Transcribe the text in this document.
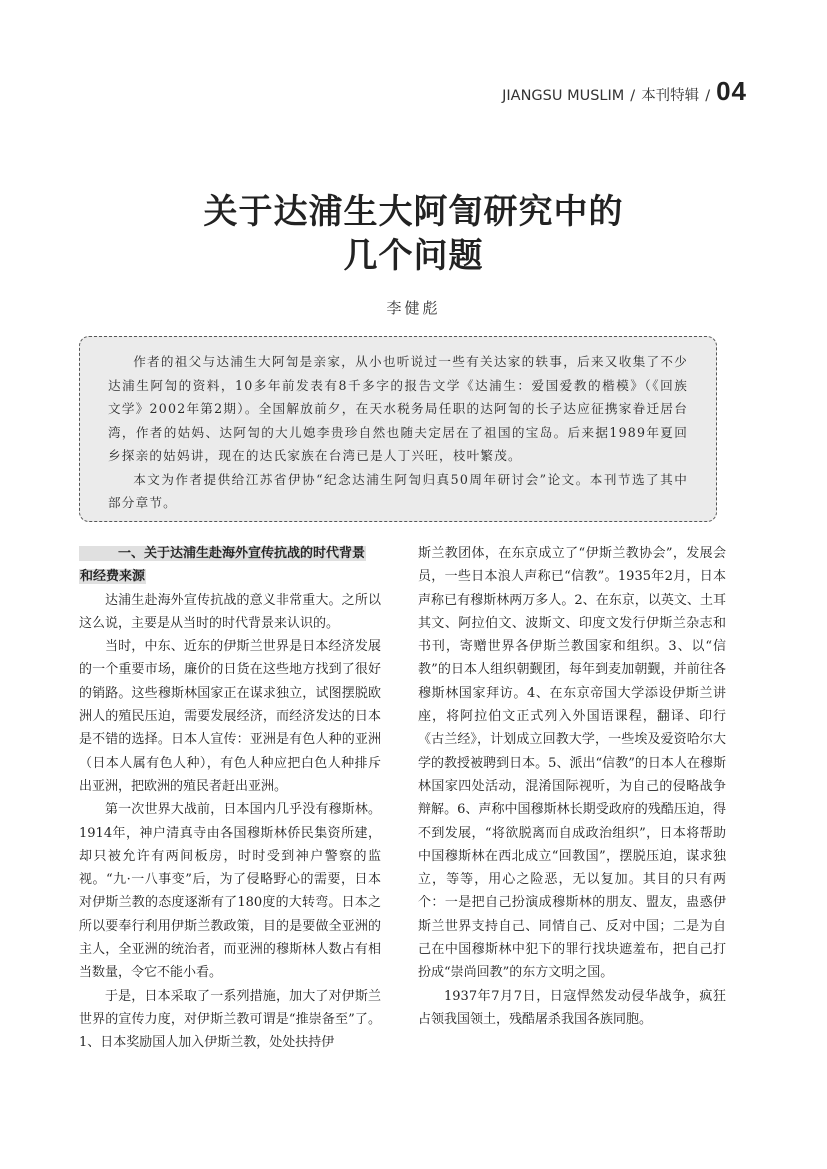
JIANGSU MUSLIM / 本刊特辑 / 04
关于达浦生大阿訇研究中的
几个问题
李健彪

作者的祖父与达浦生大阿訇是亲家，从小也听说过一些有关达家的轶事，后来又收集了不少达浦生阿訇的资料，10多年前发表有8千多字的报告文学《达浦生：爱国爱教的楷模》（《回族文学》2002年第2期）。全国解放前夕，在天水税务局任职的达阿訇的长子达应征携家眷迁居台湾，作者的姑妈、达阿訇的大儿媳李贵珍自然也随夫定居在了祖国的宝岛。后来据1989年夏回乡探亲的姑妈讲，现在的达氏家族在台湾已是人丁兴旺，枝叶繁茂。

本文为作者提供给江苏省伊协“纪念达浦生阿訇归真50周年研讨会”论文。本刊节选了其中部分章节。

一、关于达浦生赴海外宣传抗战的时代背景
和经费来源

达浦生赴海外宣传抗战的意义非常重大。之所以这么说，主要是从当时的时代背景来认识的。

当时，中东、近东的伊斯兰世界是日本经济发展的一个重要市场，廉价的日货在这些地方找到了很好的销路。这些穆斯林国家正在谋求独立，试图摆脱欧洲人的殖民压迫，需要发展经济，而经济发达的日本是不错的选择。日本人宣传：亚洲是有色人种的亚洲（日本人属有色人种），有色人种应把白色人种排斥出亚洲，把欧洲的殖民者赶出亚洲。

第一次世界大战前，日本国内几乎没有穆斯林。1914年，神户清真寺由各国穆斯林侨民集资所建，却只被允许有两间板房，时时受到神户警察的监视。“九·一八事变”后，为了侵略野心的需要，日本对伊斯兰教的态度逐渐有了180度的大转弯。日本之所以要奉行利用伊斯兰教政策，目的是要做全亚洲的主人，全亚洲的统治者，而亚洲的穆斯林人数占有相当数量，令它不能小看。

于是，日本采取了一系列措施，加大了对伊斯兰世界的宣传力度，对伊斯兰教可谓是“推崇备至”了。1、日本奖励国人加入伊斯兰教，处处扶持伊

斯兰教团体，在东京成立了“伊斯兰教协会”，发展会员，一些日本浪人声称已“信教”。1935年2月，日本声称已有穆斯林两万多人。2、在东京，以英文、土耳其文、阿拉伯文、波斯文、印度文发行伊斯兰杂志和书刊，寄赠世界各伊斯兰教国家和组织。3、以“信教”的日本人组织朝觐团，每年到麦加朝觐，并前往各穆斯林国家拜访。4、在东京帝国大学添设伊斯兰讲座，将阿拉伯文正式列入外国语课程，翻译、印行《古兰经》，计划成立回教大学，一些埃及爱资哈尔大学的教授被聘到日本。5、派出“信教”的日本人在穆斯林国家四处活动，混淆国际视听，为自己的侵略战争辩解。6、声称中国穆斯林长期受政府的残酷压迫，得不到发展，“将欲脱离而自成政治组织”，日本将帮助中国穆斯林在西北成立“回教国”，摆脱压迫，谋求独立，等等，用心之险恶，无以复加。其目的只有两个：一是把自己扮演成穆斯林的朋友、盟友，蛊惑伊斯兰世界支持自己、同情自己、反对中国；二是为自己在中国穆斯林中犯下的罪行找块遮羞布，把自己打扮成“崇尚回教”的东方文明之国。

1937年7月7日，日寇悍然发动侵华战争，疯狂占领我国领土，残酷屠杀我国各族同胞。
